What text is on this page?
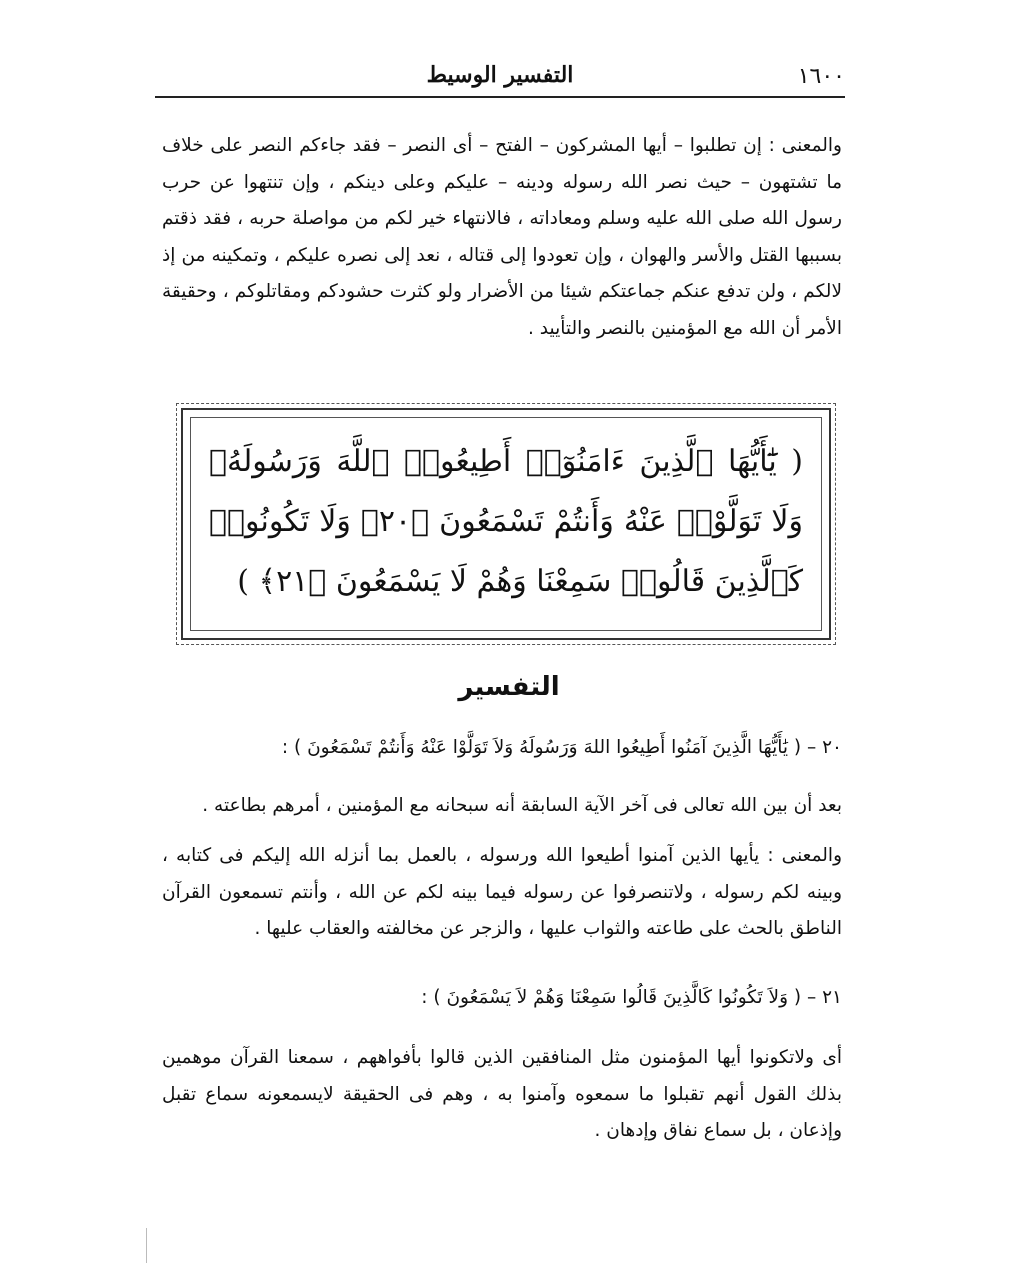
١٦٠٠
التفسير الوسيط

والمعنى : إن تطلبوا – أيها المشركون – الفتح – أى النصر – فقد جاءكم النصر على خلاف ما تشتهون – حيث نصر الله رسوله ودينه – عليكم وعلى دينكم ، وإن تنتهوا عن حرب رسول الله صلى الله عليه وسلم ومعاداته ، فالانتهاء خير لكم من مواصلة حربه ، فقد ذقتم بسببها القتل والأسر والهوان ، وإن تعودوا إلى قتاله ، نعد إلى نصره عليكم ، وتمكينه من إذ لالكم ، ولن تدفع عنكم جماعتكم شيئا من الأضرار ولو كثرت حشودكم ومقاتلوكم ، وحقيقة الأمر أن الله مع المؤمنين بالنصر والتأييد .

( يَٰٓأَيُّهَا ٱلَّذِينَ ءَامَنُوٓا۟ أَطِيعُوا۟ ٱللَّهَ وَرَسُولَهُۥ وَلَا تَوَلَّوْا۟ عَنْهُ وَأَنتُمْ تَسْمَعُونَ ﴿٢٠﴾ وَلَا تَكُونُوا۟ كَٱلَّذِينَ قَالُوا۟ سَمِعْنَا وَهُمْ لَا يَسْمَعُونَ ﴿٢١﴾ )

التفسير

٢٠ – ( يَٰأَيُّهَا الَّذِينَ آمَنُوا أَطِيعُوا اللهَ وَرَسُولَهُ وَلاَ تَوَلَّوْا عَنْهُ وَأَنتُمْ تَسْمَعُونَ ) :

بعد أن بين الله تعالى فى آخر الآية السابقة أنه سبحانه مع المؤمنين ، أمرهم بطاعته .

والمعنى : يأيها الذين آمنوا أطيعوا الله ورسوله ، بالعمل بما أنزله الله إليكم فى كتابه ، وبينه لكم رسوله ، ولاتنصرفوا عن رسوله فيما بينه لكم عن الله ، وأنتم تسمعون القرآن الناطق بالحث على طاعته والثواب عليها ، والزجر عن مخالفته والعقاب عليها .

٢١ – ( وَلاَ تَكُونُوا كَالَّذِينَ قَالُوا سَمِعْنَا وَهُمْ لاَ يَسْمَعُونَ ) :

أى ولاتكونوا أيها المؤمنون مثل المنافقين الذين قالوا بأفواههم ، سمعنا القرآن موهمين بذلك القول أنهم تقبلوا ما سمعوه وآمنوا به ، وهم فى الحقيقة لايسمعونه سماع تقبل وإذعان ، بل سماع نفاق وإدهان .
